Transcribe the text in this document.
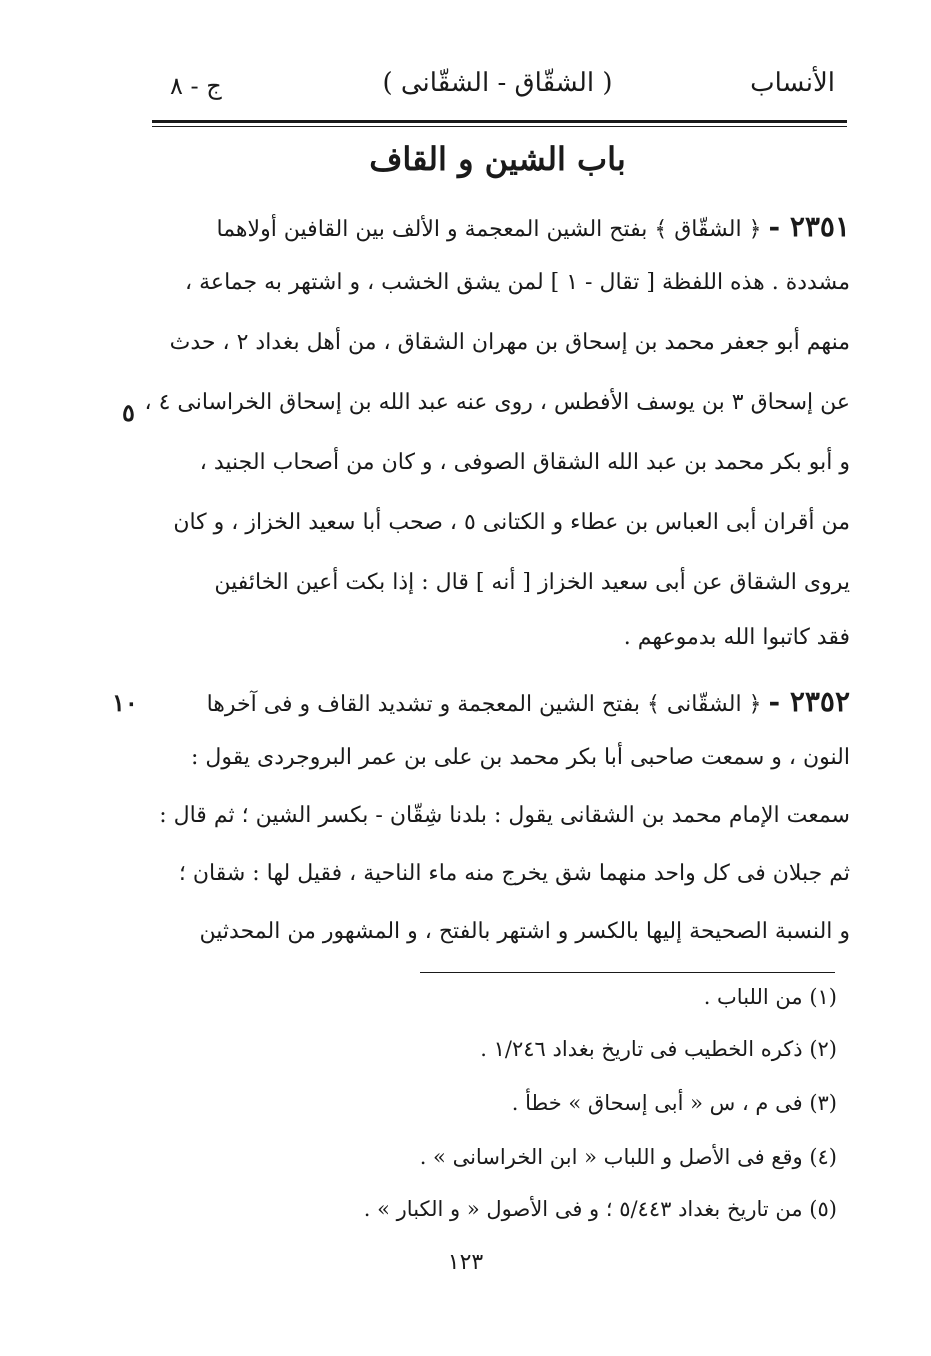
الأنساب
( الشقّاق - الشقّانى )
ج - ٨
باب الشين و القاف
٢٣٥١ - ﴿ الشقّاق ﴾ بفتح الشين المعجمة و الألف بين القافين أولاهما
مشددة . هذه اللفظة [ تقال - ١ ] لمن يشق الخشب ، و اشتهر به جماعة ،
منهم أبو جعفر محمد بن إسحاق بن مهران الشقاق ، من أهل بغداد ٢ ، حدث
عن إسحاق ٣ بن يوسف الأفطس ، روى عنه عبد الله بن إسحاق الخراسانى ٤ ،
و أبو بكر محمد بن عبد الله الشقاق الصوفى ، و كان من أصحاب الجنيد ،
من أقران أبى العباس بن عطاء و الكتانى ٥ ، صحب أبا سعيد الخزاز ، و كان
يروى الشقاق عن أبى سعيد الخزاز [ أنه ] قال : إذا بكت أعين الخائفين
فقد كاتبوا الله بدموعهم .
٢٣٥٢ - ﴿ الشقّانى ﴾ بفتح الشين المعجمة و تشديد القاف و فى آخرها
النون ، و سمعت صاحبى أبا بكر محمد بن على بن عمر البروجردى يقول :
سمعت الإمام محمد بن الشقانى يقول : بلدنا شِقّان - بكسر الشين ؛ ثم قال :
ثم جبلان فى كل واحد منهما شق يخرج منه ماء الناحية ، فقيل لها : شقان ؛
و النسبة الصحيحة إليها بالكسر و اشتهر بالفتح ، و المشهور من المحدثين
٥
١٠
(١) من اللباب .
(٢) ذكره الخطيب فى تاريخ بغداد ١/٢٤٦ .
(٣) فى م ، س « أبى إسحاق » خطأ .
(٤) وقع فى الأصل و اللباب « ابن الخراسانى » .
(٥) من تاريخ بغداد ٥/٤٤٣ ؛ و فى الأصول « و الكبار » .
١٢٣
